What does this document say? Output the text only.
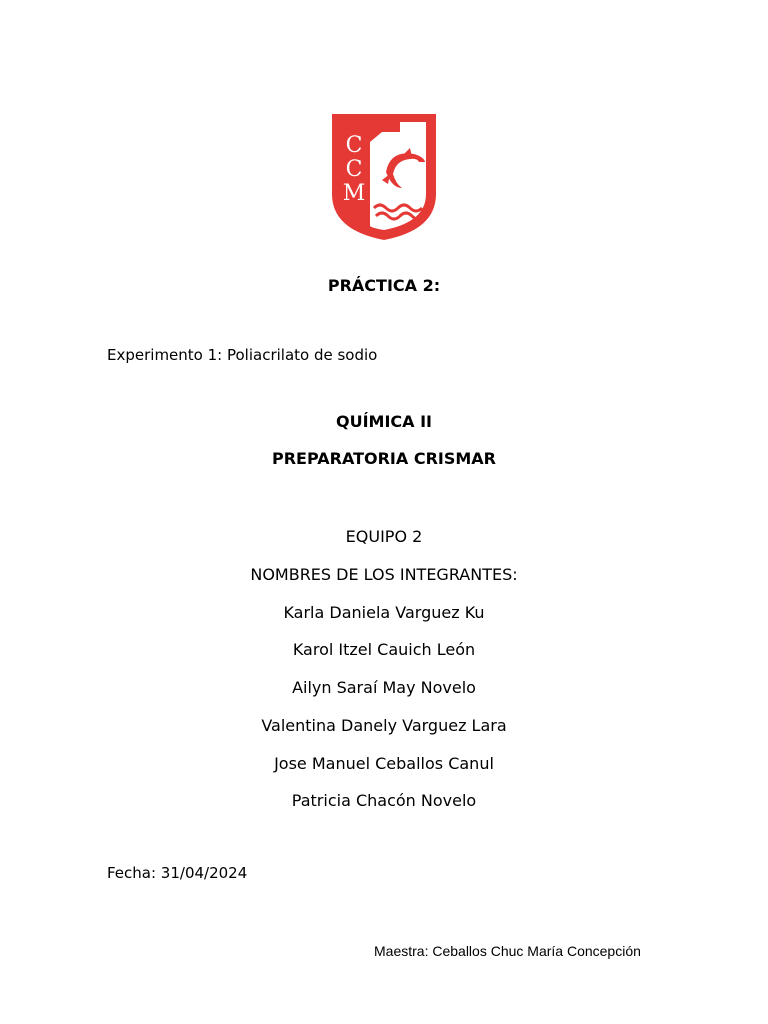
C
C
M
PRÁCTICA 2:
Experimento 1: Poliacrilato de sodio
QUÍMICA II
PREPARATORIA CRISMAR
EQUIPO 2
NOMBRES DE LOS INTEGRANTES:
Karla Daniela Varguez Ku
Karol Itzel Cauich León
Ailyn Saraí May Novelo
Valentina Danely Varguez Lara
Jose Manuel Ceballos Canul
Patricia Chacón Novelo
Fecha: 31/04/2024
Maestra: Ceballos Chuc María Concepción
